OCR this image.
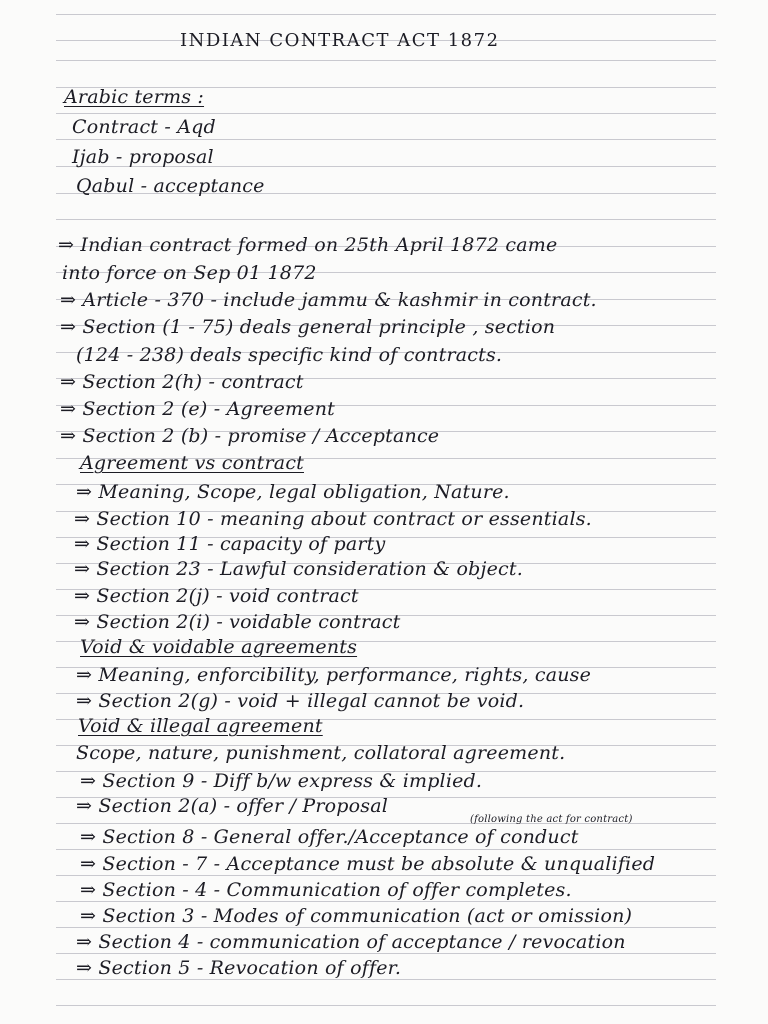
INDIAN CONTRACT ACT 1872
Arabic terms :
Contract - Aqd
Ijab - proposal
Qabul - acceptance
⇒ Indian contract formed on 25th April 1872 came
into force on Sep 01 1872
⇒ Article - 370 - include jammu & kashmir in contract.
⇒ Section (1 - 75) deals general principle , section
(124 - 238) deals specific kind of contracts.
⇒ Section 2(h) - contract
⇒ Section 2 (e) - Agreement
⇒ Section 2 (b) - promise / Acceptance
Agreement vs contract
⇒ Meaning, Scope, legal obligation, Nature.
⇒ Section 10 - meaning about contract or essentials.
⇒ Section 11 - capacity of party
⇒ Section 23 - Lawful consideration & object.
⇒ Section 2(j) - void contract
⇒ Section 2(i) - voidable contract
Void & voidable agreements
⇒ Meaning, enforcibility, performance, rights, cause
⇒ Section 2(g) - void + illegal cannot be void.
Void & illegal agreement
Scope, nature, punishment, collatoral agreement.
⇒ Section 9 - Diff b/w express & implied.
⇒ Section 2(a) - offer / Proposal
(following the act for contract)
⇒ Section 8 - General offer./Acceptance of conduct
⇒ Section - 7 - Acceptance must be absolute & unqualified
⇒ Section - 4 - Communication of offer completes.
⇒ Section 3 - Modes of communication (act or omission)
⇒ Section 4 - communication of acceptance / revocation
⇒ Section 5 - Revocation of offer.
